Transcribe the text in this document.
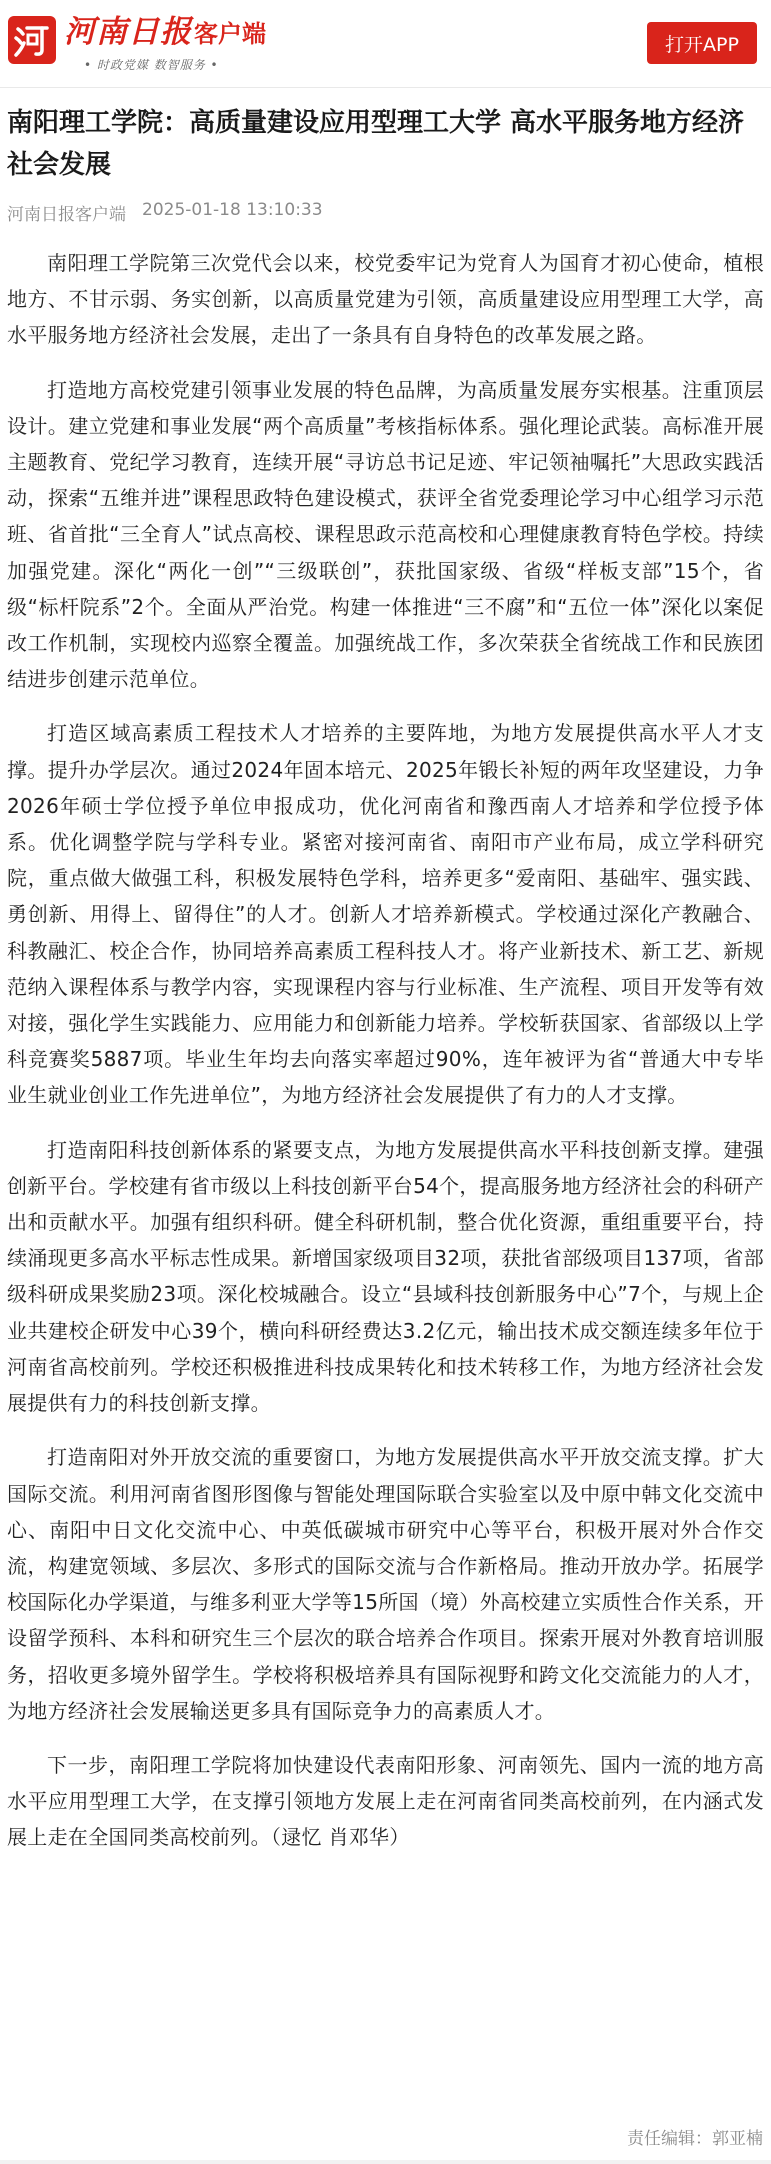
河南日报 客户端
• 时政党媒 数智服务 •
打开APP
南阳理工学院：高质量建设应用型理工大学 高水平服务地方经济社会发展
河南日报客户端 2025-01-18 13:10:33

南阳理工学院第三次党代会以来，校党委牢记为党育人为国育才初心使命，植根地方、不甘示弱、务实创新，以高质量党建为引领，高质量建设应用型理工大学，高水平服务地方经济社会发展，走出了一条具有自身特色的改革发展之路。

打造地方高校党建引领事业发展的特色品牌，为高质量发展夯实根基。注重顶层设计。建立党建和事业发展“两个高质量”考核指标体系。强化理论武装。高标准开展主题教育、党纪学习教育，连续开展“寻访总书记足迹、牢记领袖嘱托”大思政实践活动，探索“五维并进”课程思政特色建设模式，获评全省党委理论学习中心组学习示范班、省首批“三全育人”试点高校、课程思政示范高校和心理健康教育特色学校。持续加强党建。深化“两化一创”“三级联创”，获批国家级、省级“样板支部”15个，省级“标杆院系”2个。全面从严治党。构建一体推进“三不腐”和“五位一体”深化以案促改工作机制，实现校内巡察全覆盖。加强统战工作，多次荣获全省统战工作和民族团结进步创建示范单位。

打造区域高素质工程技术人才培养的主要阵地，为地方发展提供高水平人才支撑。提升办学层次。通过2024年固本培元、2025年锻长补短的两年攻坚建设，力争2026年硕士学位授予单位申报成功，优化河南省和豫西南人才培养和学位授予体系。优化调整学院与学科专业。紧密对接河南省、南阳市产业布局，成立学科研究院，重点做大做强工科，积极发展特色学科，培养更多“爱南阳、基础牢、强实践、勇创新、用得上、留得住”的人才。创新人才培养新模式。学校通过深化产教融合、科教融汇、校企合作，协同培养高素质工程科技人才。将产业新技术、新工艺、新规范纳入课程体系与教学内容，实现课程内容与行业标准、生产流程、项目开发等有效对接，强化学生实践能力、应用能力和创新能力培养。学校斩获国家、省部级以上学科竞赛奖5887项。毕业生年均去向落实率超过90%，连年被评为省“普通大中专毕业生就业创业工作先进单位”，为地方经济社会发展提供了有力的人才支撑。

打造南阳科技创新体系的紧要支点，为地方发展提供高水平科技创新支撑。建强创新平台。学校建有省市级以上科技创新平台54个，提高服务地方经济社会的科研产出和贡献水平。加强有组织科研。健全科研机制，整合优化资源，重组重要平台，持续涌现更多高水平标志性成果。新增国家级项目32项，获批省部级项目137项，省部级科研成果奖励23项。深化校城融合。设立“县域科技创新服务中心”7个，与规上企业共建校企研发中心39个，横向科研经费达3.2亿元，输出技术成交额连续多年位于河南省高校前列。学校还积极推进科技成果转化和技术转移工作，为地方经济社会发展提供有力的科技创新支撑。

打造南阳对外开放交流的重要窗口，为地方发展提供高水平开放交流支撑。扩大国际交流。利用河南省图形图像与智能处理国际联合实验室以及中原中韩文化交流中心、南阳中日文化交流中心、中英低碳城市研究中心等平台，积极开展对外合作交流，构建宽领域、多层次、多形式的国际交流与合作新格局。推动开放办学。拓展学校国际化办学渠道，与维多利亚大学等15所国（境）外高校建立实质性合作关系，开设留学预科、本科和研究生三个层次的联合培养合作项目。探索开展对外教育培训服务，招收更多境外留学生。学校将积极培养具有国际视野和跨文化交流能力的人才，为地方经济社会发展输送更多具有国际竞争力的高素质人才。

下一步，南阳理工学院将加快建设代表南阳形象、河南领先、国内一流的地方高水平应用型理工大学，在支撑引领地方发展上走在河南省同类高校前列，在内涵式发展上走在全国同类高校前列。（逯忆 肖邓华）

责任编辑：郭亚楠
